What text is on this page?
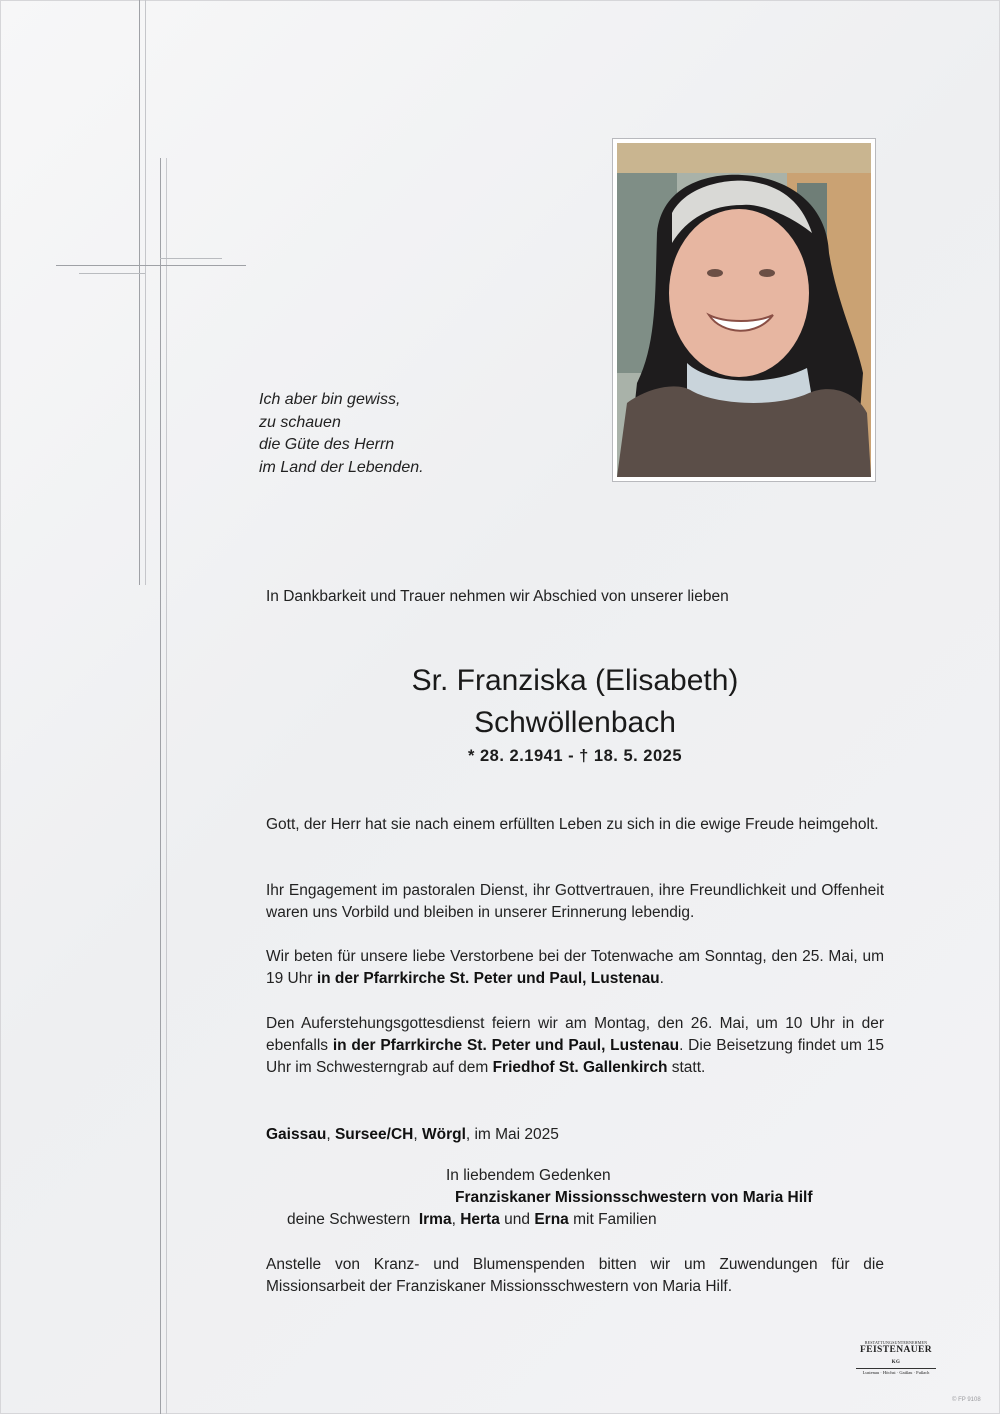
Ich aber bin gewiss,
zu schauen
die Güte des Herrn
im Land der Lebenden.
In Dankbarkeit und Trauer nehmen wir Abschied von unserer lieben
Sr. Franziska (Elisabeth)
Schwöllenbach
* 28. 2.1941 - † 18. 5. 2025
Gott, der Herr hat sie nach einem erfüllten Leben zu sich in die ewige Freude heimgeholt.
Ihr Engagement im pastoralen Dienst, ihr Gottvertrauen, ihre Freundlichkeit und Offenheit waren uns Vorbild und bleiben in unserer Erinnerung lebendig.
Wir beten für unsere liebe Verstorbene bei der Totenwache am Sonntag, den 25. Mai, um 19 Uhr in der Pfarrkirche St. Peter und Paul, Lustenau.
Den Auferstehungsgottesdienst feiern wir am Montag, den 26. Mai, um 10 Uhr in der ebenfalls in der Pfarrkirche St. Peter und Paul, Lustenau. Die Beisetzung findet um 15 Uhr im Schwesterngrab auf dem Friedhof St. Gallenkirch statt.
Gaissau, Sursee/CH, Wörgl, im Mai 2025
In liebendem Gedenken
Franziskaner Missionsschwestern von Maria Hilf
deine Schwestern  Irma, Herta und Erna mit Familien
Anstelle von Kranz- und Blumenspenden bitten wir um Zuwendungen für die Missionsarbeit der Franziskaner Missionsschwestern von Maria Hilf.
BESTATTUNGSUNTERNEHMEN
FEISTENAUER KG
Lustenau · Höchst · Gaißau · Fußach
© FP 9108
